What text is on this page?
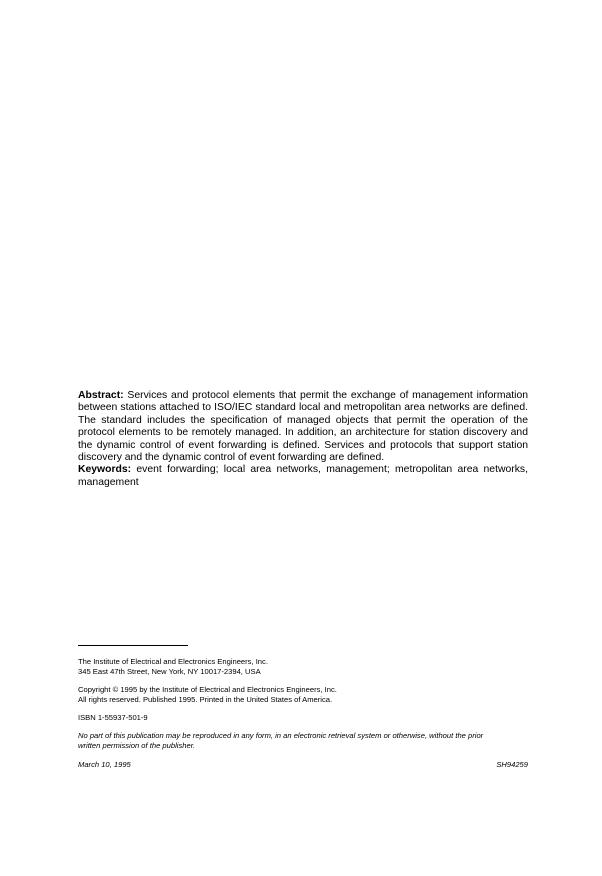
Abstract: Services and protocol elements that permit the exchange of management information between stations attached to ISO/IEC standard local and metropolitan area networks are defined. The standard includes the specification of managed objects that permit the operation of the protocol elements to be remotely managed. In addition, an architecture for station discovery and the dynamic control of event forwarding is defined. Services and protocols that support station discovery and the dynamic control of event forwarding are defined.

Keywords: event forwarding; local area networks, management; metropolitan area networks, management

The Institute of Electrical and Electronics Engineers, Inc.

345 East 47th Street, New York, NY 10017-2394, USA

Copyright © 1995 by the Institute of Electrical and Electronics Engineers, Inc.

All rights reserved. Published 1995. Printed in the United States of America.

ISBN 1-55937-501-9

No part of this publication may be reproduced in any form, in an electronic retrieval system or otherwise, without the prior

written permission of the publisher.

March 10, 1995	SH94259
